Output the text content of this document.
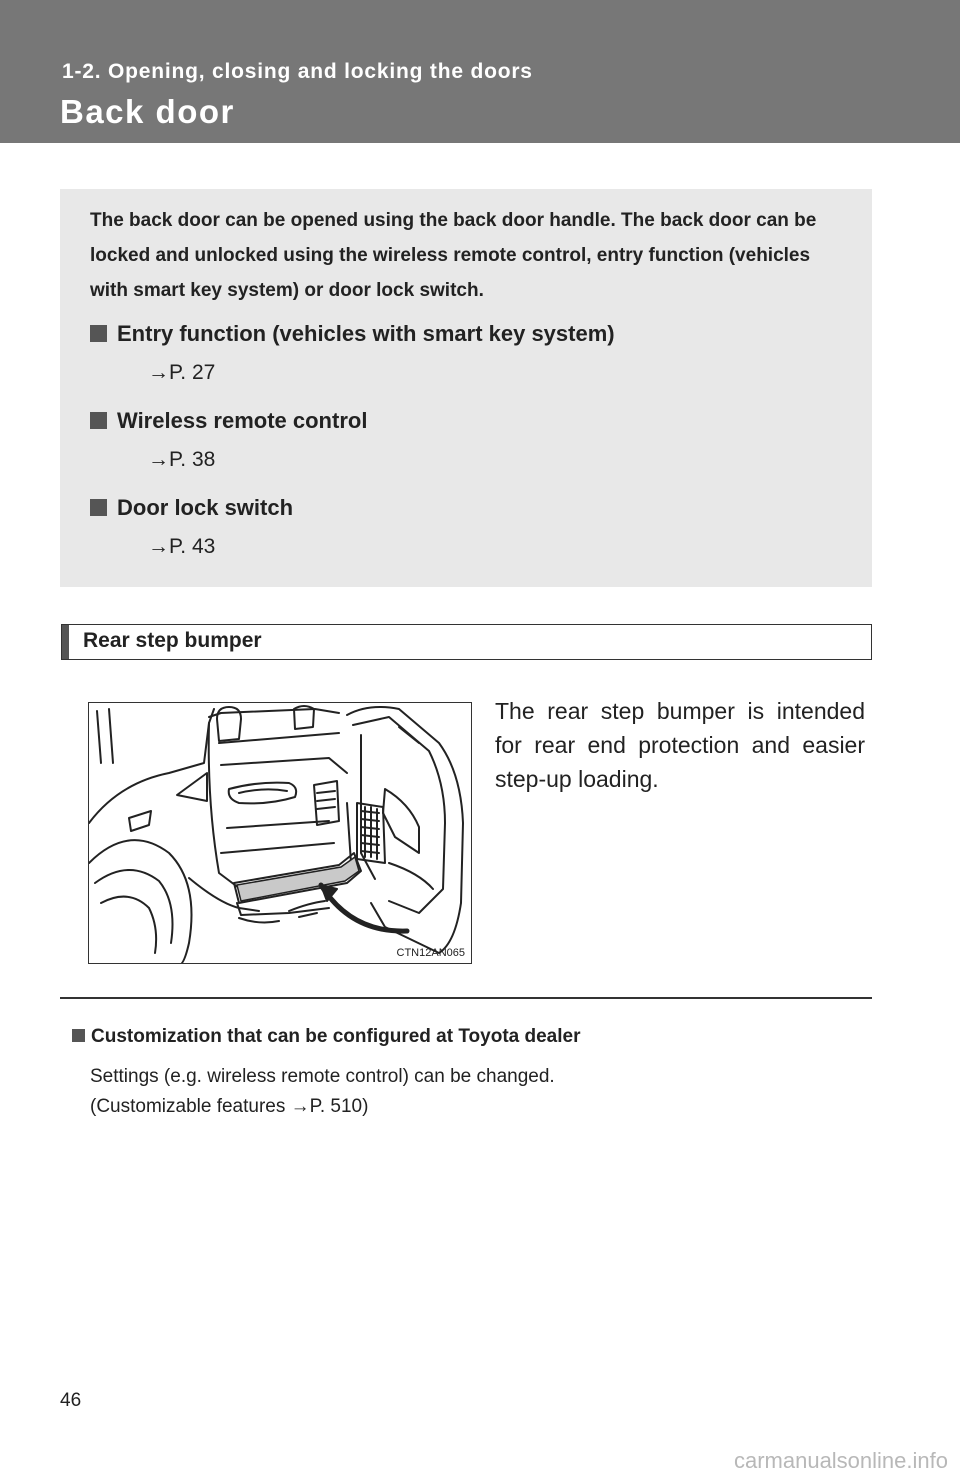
1-2. Opening, closing and locking the doors
Back door
The back door can be opened using the back door handle. The back door can be locked and unlocked using the wireless remote control, entry function (vehicles with smart key system) or door lock switch.
Entry function (vehicles with smart key system)
→P. 27
Wireless remote control
→P. 38
Door lock switch
→P. 43
Rear step bumper
CTN12AN065
The rear step bumper is intended for rear end protection and easier step-up loading.
Customization that can be configured at Toyota dealer
Settings (e.g. wireless remote control) can be changed.
(Customizable features →P. 510)
46
carmanualsonline.info
